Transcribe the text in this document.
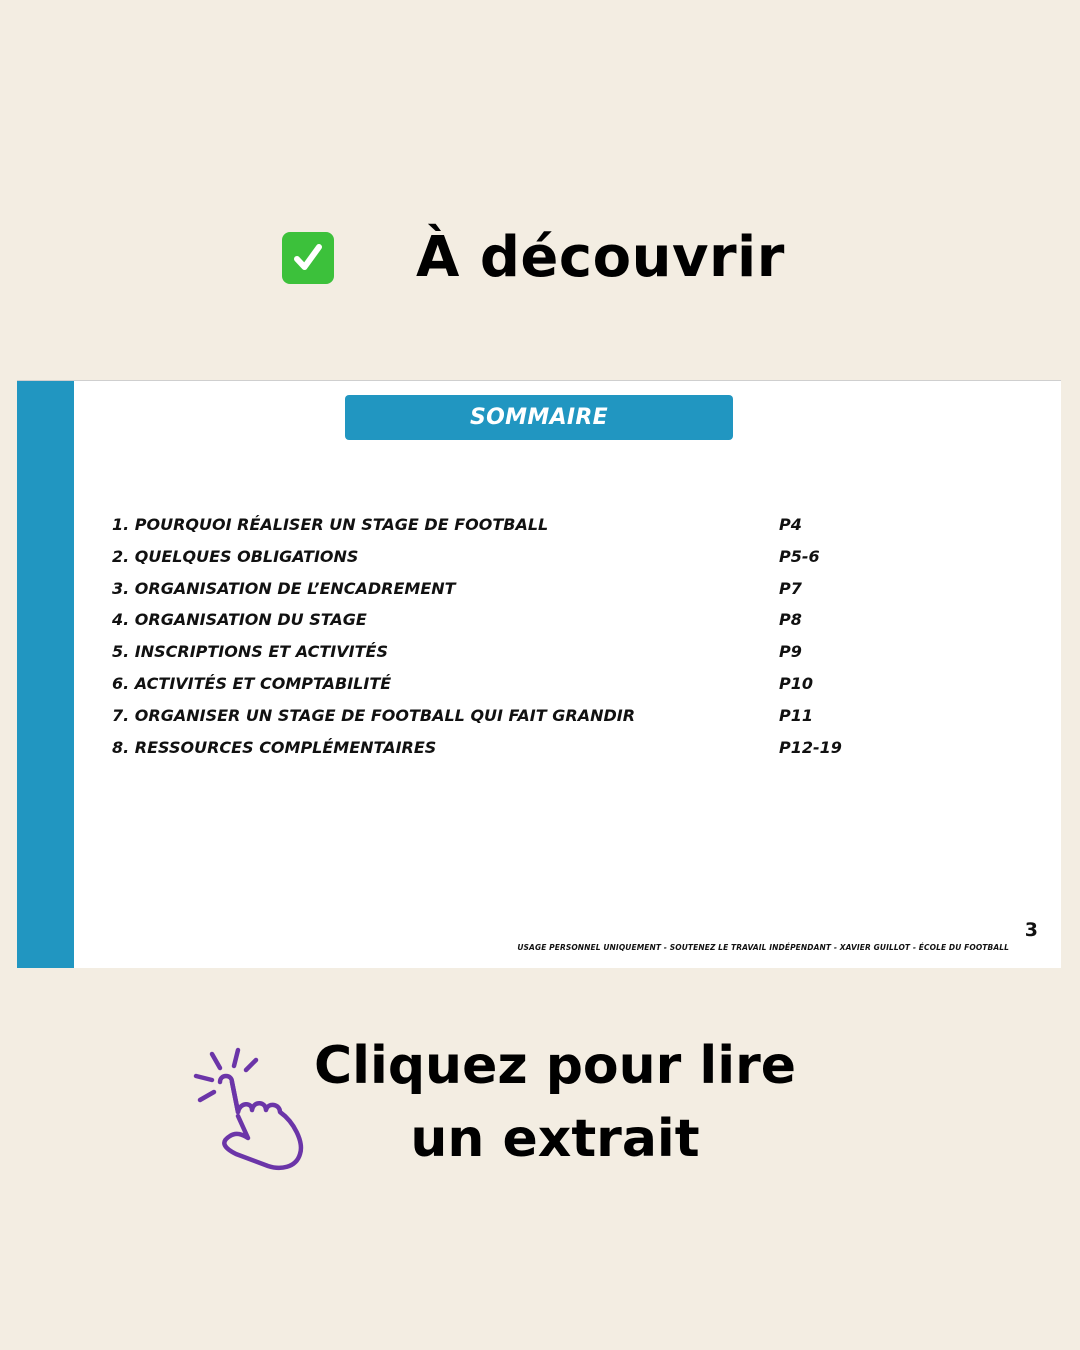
À découvrir
SOMMAIRE
1. POURQUOI RÉALISER UN STAGE DE FOOTBALL	P4
2. QUELQUES OBLIGATIONS	P5-6
3. ORGANISATION DE L’ENCADREMENT	P7
4. ORGANISATION DU STAGE	P8
5. INSCRIPTIONS ET ACTIVITÉS	P9
6. ACTIVITÉS ET COMPTABILITÉ	P10
7. ORGANISER UN STAGE DE FOOTBALL QUI FAIT GRANDIR	P11
8. RESSOURCES COMPLÉMENTAIRES	P12-19
3
USAGE PERSONNEL UNIQUEMENT - SOUTENEZ LE TRAVAIL INDÉPENDANT - XAVIER GUILLOT - ÉCOLE DU FOOTBALL
Cliquez pour lire
un extrait
